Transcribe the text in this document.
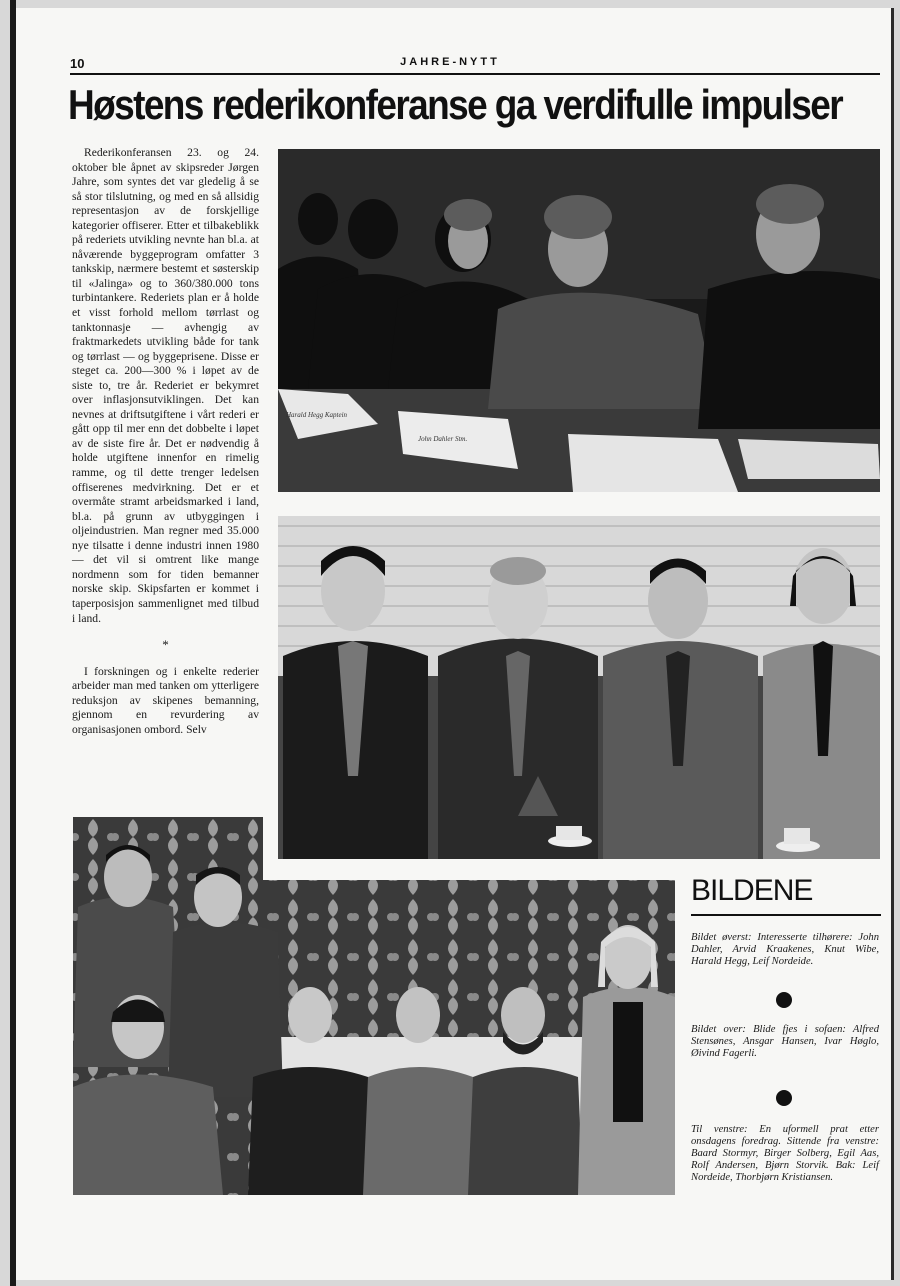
10	JAHRE-NYTT
Høstens rederikonferanse ga verdifulle impulser

Rederikonferansen 23. og 24. oktober ble åpnet av skipsreder Jørgen Jahre, som syntes det var gledelig å se så stor tilslutning, og med en så allsidig representasjon av de forskjellige kategorier offiserer. Etter et tilbakeblikk på rederiets utvikling nevnte han bl.a. at nåværende byggeprogram omfatter 3 tankskip, nærmere bestemt et søsterskip til «Jalinga» og to 360/380.000 tons turbintankere. Rederiets plan er å holde et visst forhold mellom tørrlast og tanktonnasje — avhengig av fraktmarkedets utvikling både for tank og tørrlast — og byggeprisene. Disse er steget ca. 200—300 % i løpet av de siste to, tre år. Rederiet er bekymret over inflasjonsutviklingen. Det kan nevnes at driftsutgiftene i vårt rederi er gått opp til mer enn det dobbelte i løpet av de siste fire år. Det er nødvendig å holde utgiftene innenfor en rimelig ramme, og til dette trenger ledelsen offiserenes medvirkning. Det er et overmåte stramt arbeidsmarked i land, bl.a. på grunn av utbyggingen i oljeindustrien. Man regner med 35.000 nye tilsatte i denne industri innen 1980 — det vil si omtrent like mange nordmenn som for tiden bemanner norske skip. Skipsfarten er kommet i taperposisjon sammenlignet med tilbud i land.

*

I forskningen og i enkelte rederier arbeider man med tanken om ytterligere reduksjon av skipenes bemanning, gjennom en revurdering av organisasjonen ombord. Selv

Harald Hegg Kaptein
John Dahler Stm.
BILDENE
Bildet øverst: Interesserte tilhørere: John Dahler, Arvid Kraakenes, Knut Wibe, Harald Hegg, Leif Nordeide.
Bildet over: Blide fjes i sofaen: Alfred Stensønes, Ansgar Hansen, Ivar Høglo, Øivind Fagerli.
Til venstre: En uformell prat etter onsdagens foredrag. Sittende fra venstre: Baard Stormyr, Birger Solberg, Egil Aas, Rolf Andersen, Bjørn Storvik. Bak: Leif Nordeide, Thorbjørn Kristiansen.
